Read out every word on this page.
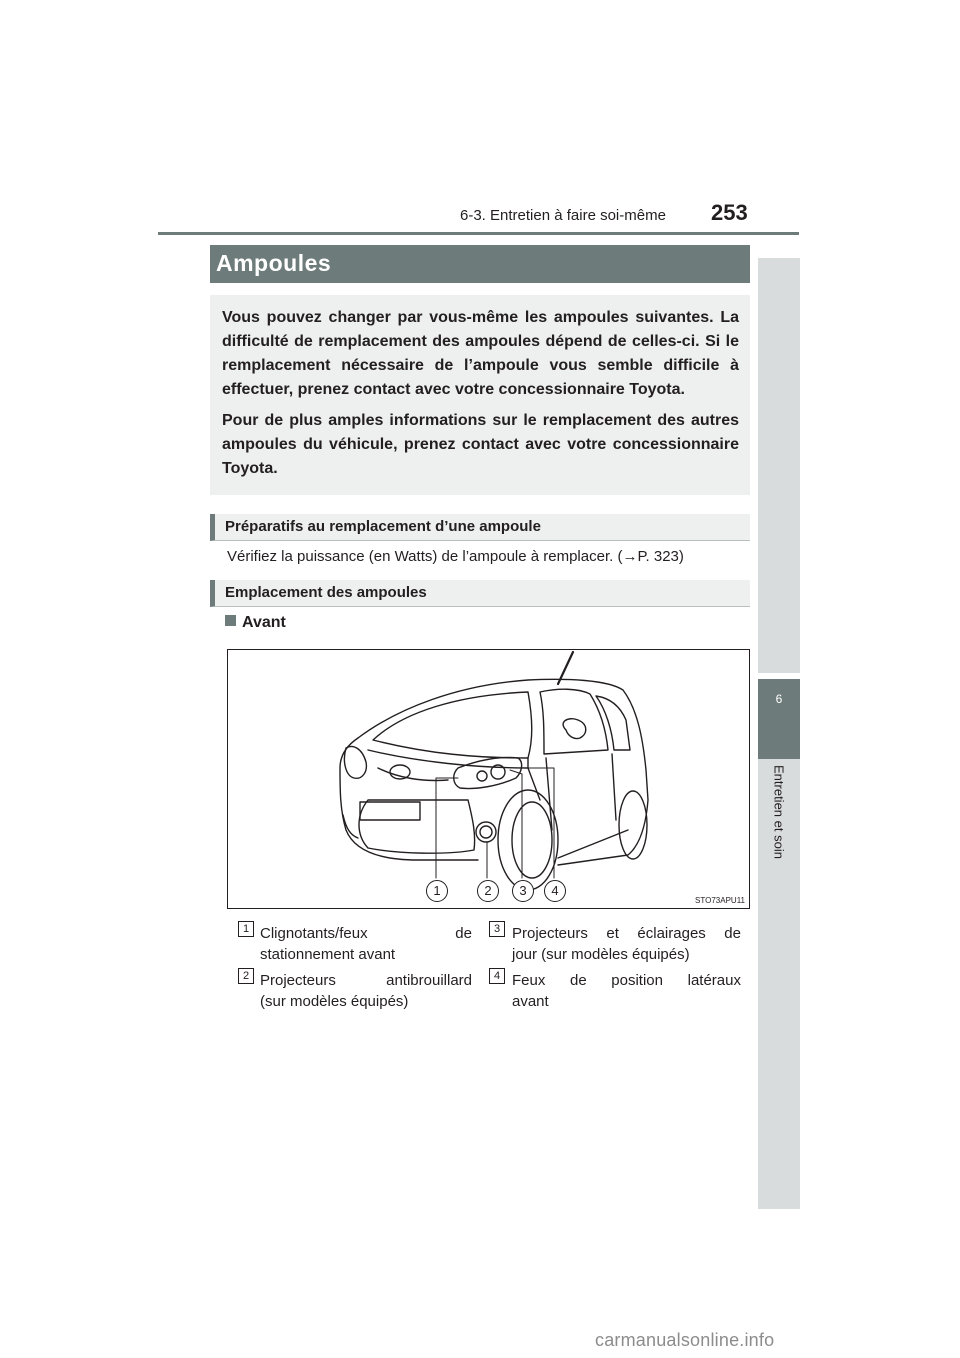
6-3. Entretien à faire soi-même 253
6
Entretien et soin
Ampoules

Vous pouvez changer par vous-même les ampoules suivantes. La difficulté de remplacement des ampoules dépend de celles-ci. Si le remplacement nécessaire de l’ampoule vous semble difficile à effectuer, prenez contact avec votre concessionnaire Toyota.

Pour de plus amples informations sur le remplacement des autres ampoules du véhicule, prenez contact avec votre concessionnaire Toyota.

Préparatifs au remplacement d’une ampoule
Vérifiez la puissance (en Watts) de l’ampoule à remplacer. (→P. 323)
Emplacement des ampoules
Avant
1	2	3	4
STO73APU11
1 Clignotants/feux de
stationnement avant
2 Projecteurs antibrouillard
(sur modèles équipés)
3 Projecteurs et éclairages de
jour (sur modèles équipés)
4 Feux de position latéraux
avant
carmanualsonline.info
